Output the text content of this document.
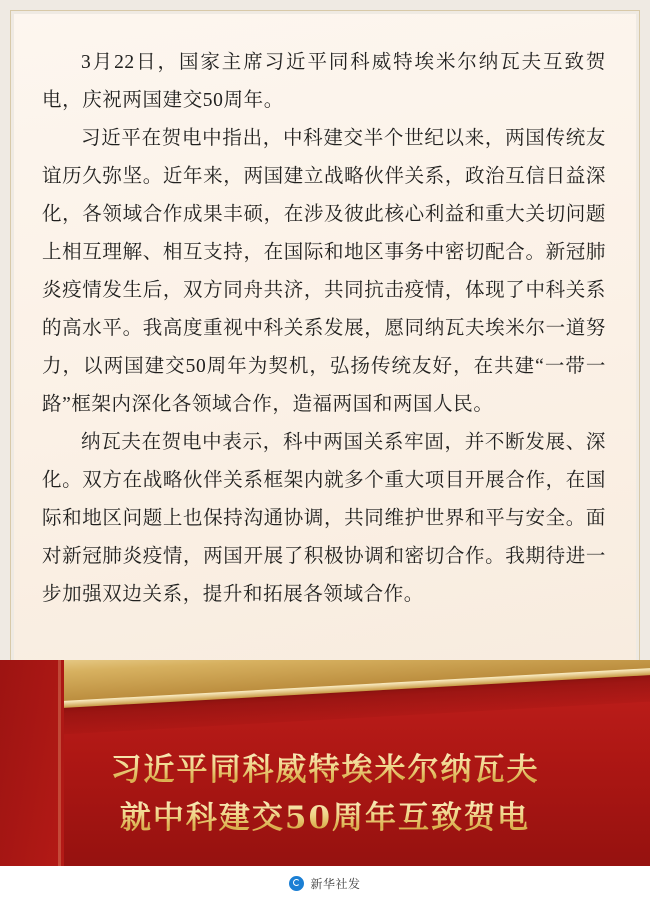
3月22日，国家主席习近平同科威特埃米尔纳瓦夫互致贺电，庆祝两国建交50周年。

习近平在贺电中指出，中科建交半个世纪以来，两国传统友谊历久弥坚。近年来，两国建立战略伙伴关系，政治互信日益深化，各领域合作成果丰硕，在涉及彼此核心利益和重大关切问题上相互理解、相互支持，在国际和地区事务中密切配合。新冠肺炎疫情发生后，双方同舟共济，共同抗击疫情，体现了中科关系的高水平。我高度重视中科关系发展，愿同纳瓦夫埃米尔一道努力，以两国建交50周年为契机，弘扬传统友好，在共建“一带一路”框架内深化各领域合作，造福两国和两国人民。

纳瓦夫在贺电中表示，科中两国关系牢固，并不断发展、深化。双方在战略伙伴关系框架内就多个重大项目开展合作，在国际和地区问题上也保持沟通协调，共同维护世界和平与安全。面对新冠肺炎疫情，两国开展了积极协调和密切合作。我期待进一步加强双边关系，提升和拓展各领域合作。

习近平同科威特埃米尔纳瓦夫
就中科建交50周年互致贺电
新华社发
